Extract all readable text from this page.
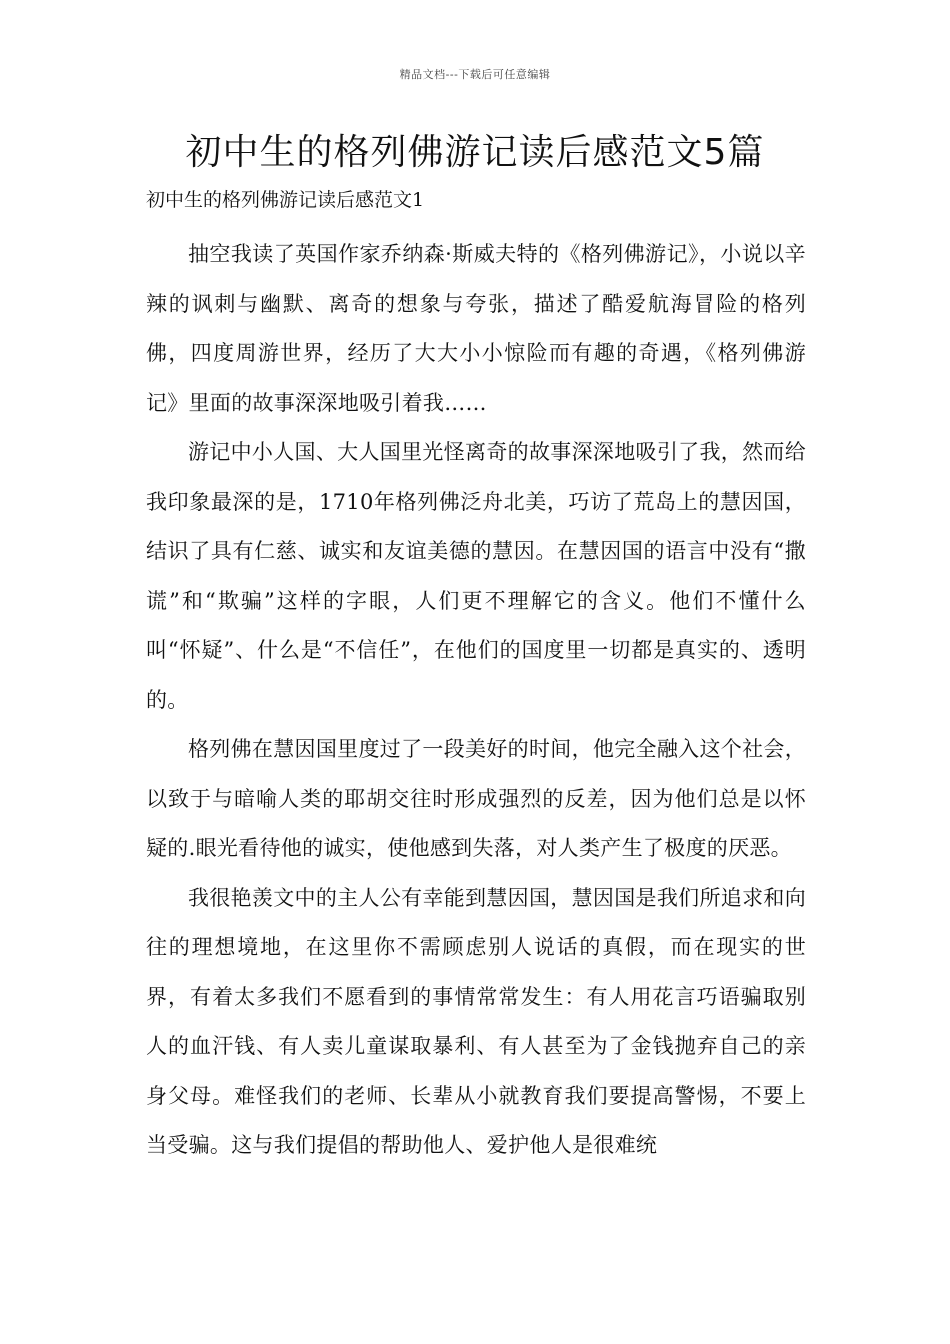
精品文档---下载后可任意编辑
初中生的格列佛游记读后感范文5篇
初中生的格列佛游记读后感范文1

抽空我读了英国作家乔纳森·斯威夫特的《格列佛游记》，小说以辛辣的讽刺与幽默、离奇的想象与夸张，描述了酷爱航海冒险的格列佛，四度周游世界，经历了大大小小惊险而有趣的奇遇，《格列佛游记》里面的故事深深地吸引着我……

游记中小人国、大人国里光怪离奇的故事深深地吸引了我，然而给我印象最深的是，1710年格列佛泛舟北美，巧访了荒岛上的慧因国，结识了具有仁慈、诚实和友谊美德的慧因。在慧因国的语言中没有“撒谎”和“欺骗”这样的字眼，人们更不理解它的含义。他们不懂什么叫“怀疑”、什么是“不信任”，在他们的国度里一切都是真实的、透明的。

格列佛在慧因国里度过了一段美好的时间，他完全融入这个社会，以致于与暗喻人类的耶胡交往时形成强烈的反差，因为他们总是以怀疑的.眼光看待他的诚实，使他感到失落，对人类产生了极度的厌恶。

我很艳羡文中的主人公有幸能到慧因国，慧因国是我们所追求和向往的理想境地，在这里你不需顾虑别人说话的真假，而在现实的世界，有着太多我们不愿看到的事情常常发生：有人用花言巧语骗取别人的血汗钱、有人卖儿童谋取暴利、有人甚至为了金钱抛弃自己的亲身父母。难怪我们的老师、长辈从小就教育我们要提高警惕，不要上当受骗。这与我们提倡的帮助他人、爱护他人是很难统
